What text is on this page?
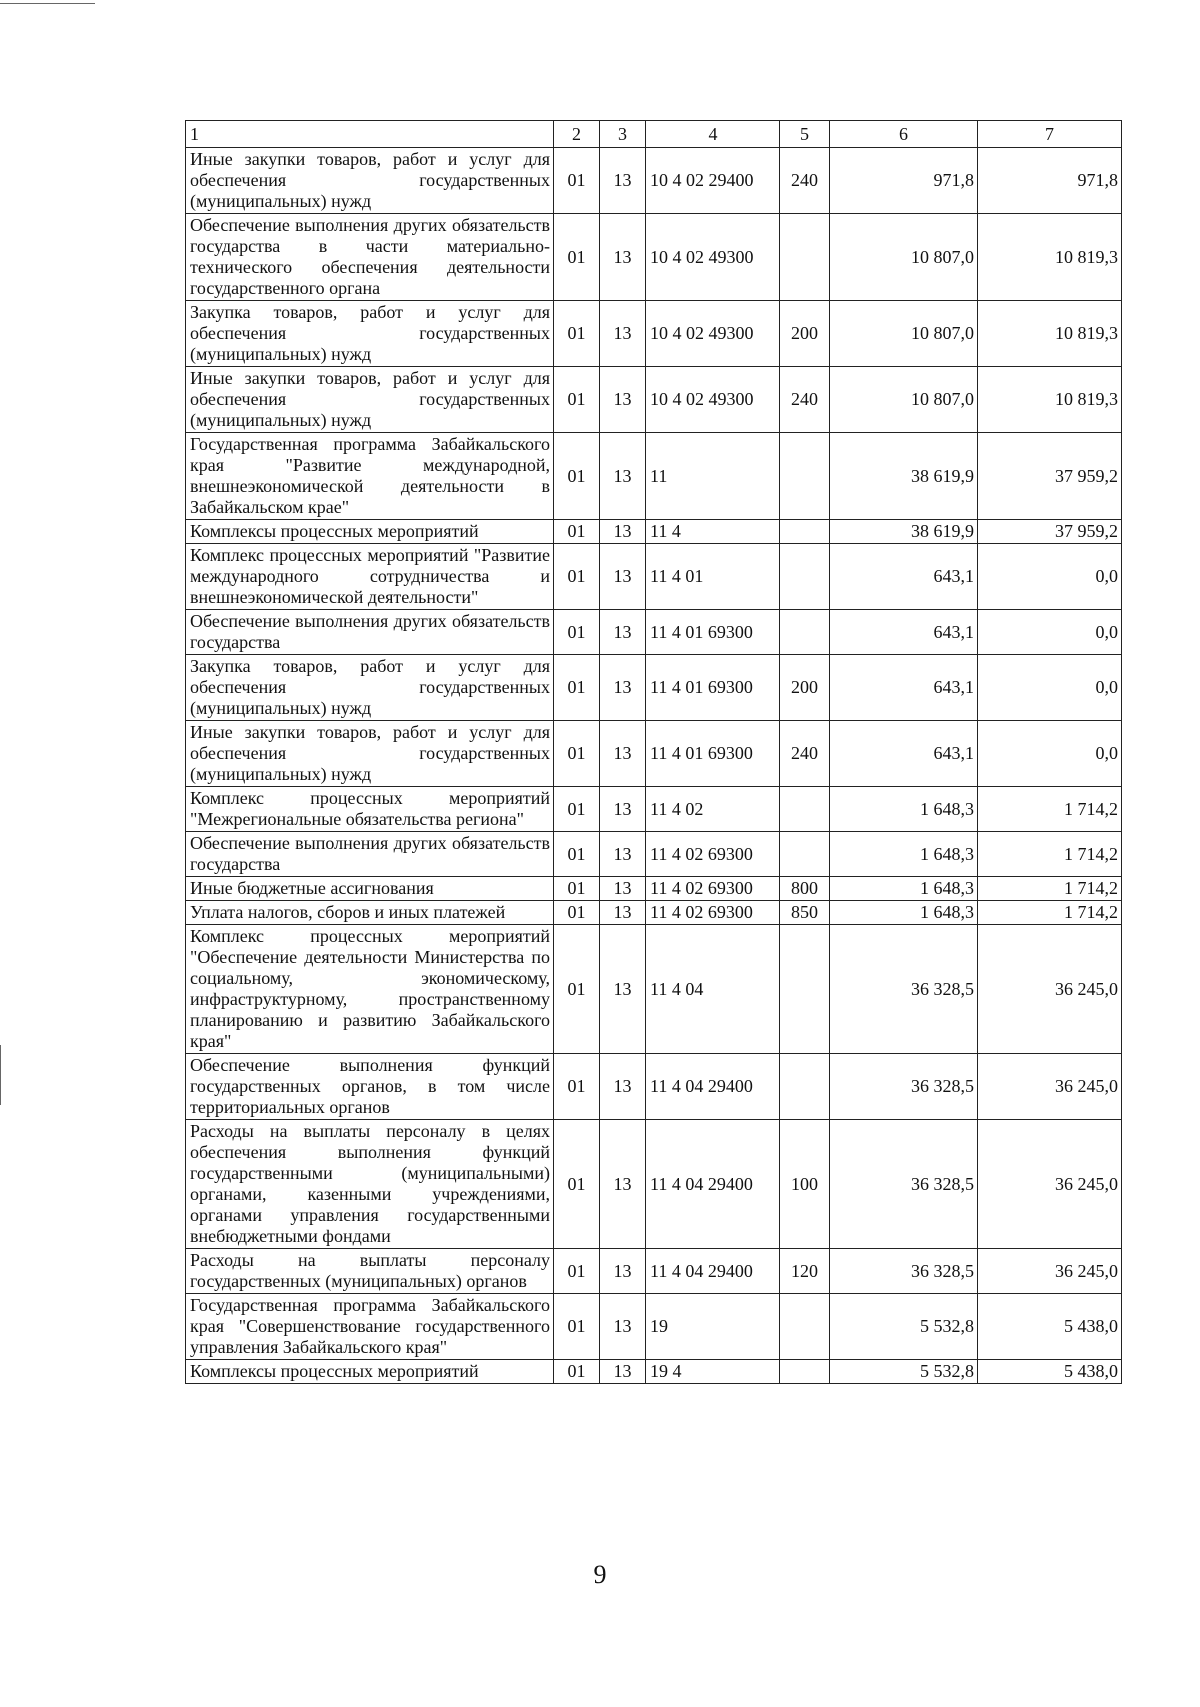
1	2	3	4	5	6	7
Иные закупки товаров, работ и услуг для обеспечения государственных (муниципальных) нужд	01	13	10 4 02 29400	240	971,8	971,8
Обеспечение выполнения других обязательств государства в части материально-технического обеспечения деятельности государственного органа	01	13	10 4 02 49300		10 807,0	10 819,3
Закупка товаров, работ и услуг для обеспечения государственных (муниципальных) нужд	01	13	10 4 02 49300	200	10 807,0	10 819,3
Иные закупки товаров, работ и услуг для обеспечения государственных (муниципальных) нужд	01	13	10 4 02 49300	240	10 807,0	10 819,3
Государственная программа Забайкальского края "Развитие международной, внешнеэкономической деятельности в Забайкальском крае"	01	13	11		38 619,9	37 959,2
Комплексы процессных мероприятий	01	13	11 4		38 619,9	37 959,2
Комплекс процессных мероприятий "Развитие международного сотрудничества и внешнеэкономической деятельности"	01	13	11 4 01		643,1	0,0
Обеспечение выполнения других обязательств государства	01	13	11 4 01 69300		643,1	0,0
Закупка товаров, работ и услуг для обеспечения государственных (муниципальных) нужд	01	13	11 4 01 69300	200	643,1	0,0
Иные закупки товаров, работ и услуг для обеспечения государственных (муниципальных) нужд	01	13	11 4 01 69300	240	643,1	0,0
Комплекс процессных мероприятий "Межрегиональные обязательства региона"	01	13	11 4 02		1 648,3	1 714,2
Обеспечение выполнения других обязательств государства	01	13	11 4 02 69300		1 648,3	1 714,2
Иные бюджетные ассигнования	01	13	11 4 02 69300	800	1 648,3	1 714,2
Уплата налогов, сборов и иных платежей	01	13	11 4 02 69300	850	1 648,3	1 714,2
Комплекс процессных мероприятий "Обеспечение деятельности Министерства по социальному, экономическому, инфраструктурному, пространственному планированию и развитию Забайкальского края"	01	13	11 4 04		36 328,5	36 245,0
Обеспечение выполнения функций государственных органов, в том числе территориальных органов	01	13	11 4 04 29400		36 328,5	36 245,0
Расходы на выплаты персоналу в целях обеспечения выполнения функций государственными (муниципальными) органами, казенными учреждениями, органами управления государственными внебюджетными фондами	01	13	11 4 04 29400	100	36 328,5	36 245,0
Расходы на выплаты персоналу государственных (муниципальных) органов	01	13	11 4 04 29400	120	36 328,5	36 245,0
Государственная программа Забайкальского края "Совершенствование государственного управления Забайкальского края"	01	13	19		5 532,8	5 438,0
Комплексы процессных мероприятий	01	13	19 4		5 532,8	5 438,0
9
